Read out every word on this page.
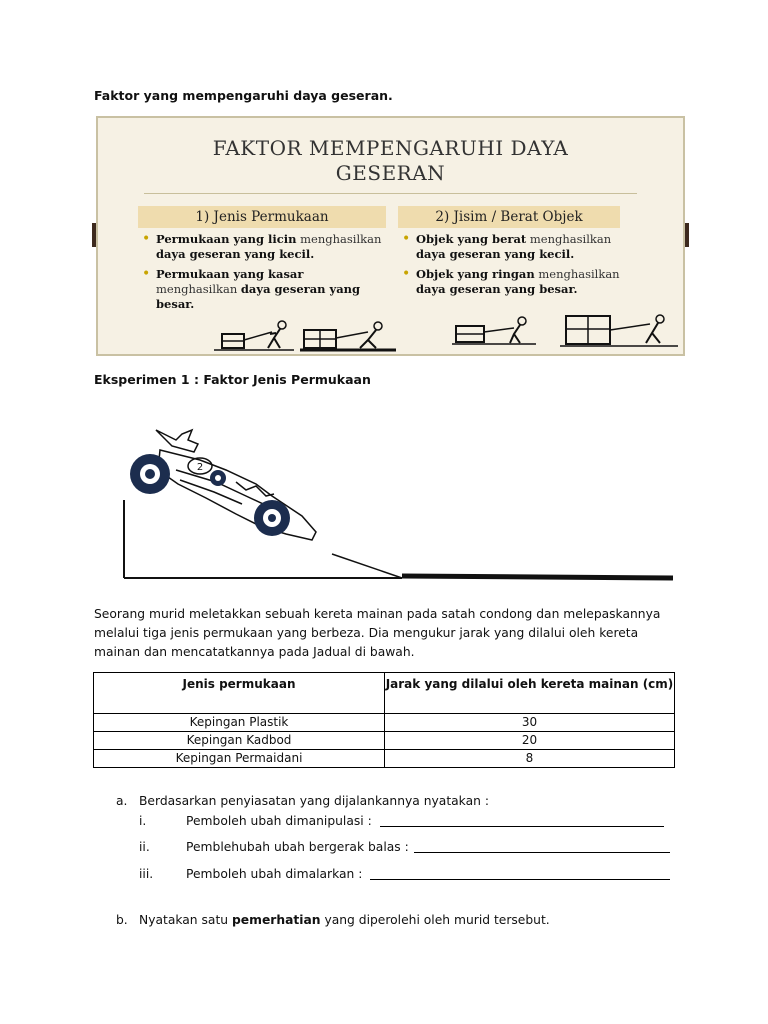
Faktor yang mempengaruhi daya geseran.
FAKTOR MEMPENGARUHI DAYA
GESERAN
1) Jenis Permukaan	2) Jisim / Berat Objek
• Permukaan yang licin menghasilkan daya geseran yang kecil.
• Permukaan yang kasar menghasilkan daya geseran yang besar.
• Objek yang berat menghasilkan daya geseran yang kecil.
• Objek yang ringan menghasilkan daya geseran yang besar.
Eksperimen 1 : Faktor Jenis Permukaan
2
Seorang murid meletakkan sebuah kereta mainan pada satah condong dan melepaskannya melalui tiga jenis permukaan yang berbeza. Dia mengukur jarak yang dilalui oleh kereta mainan dan mencatatkannya pada Jadual di bawah.
Jenis permukaan	Jarak yang dilalui oleh kereta mainan (cm)
Kepingan Plastik	30
Kepingan Kadbod	20
Kepingan Permaidani	8
a. Berdasarkan penyiasatan yang dijalankannya nyatakan :
i.	Pemboleh ubah dimanipulasi :
ii.	Pemblehubah ubah bergerak balas :
iii.	Pemboleh ubah dimalarkan :
b. Nyatakan satu pemerhatian yang diperolehi oleh murid tersebut.
